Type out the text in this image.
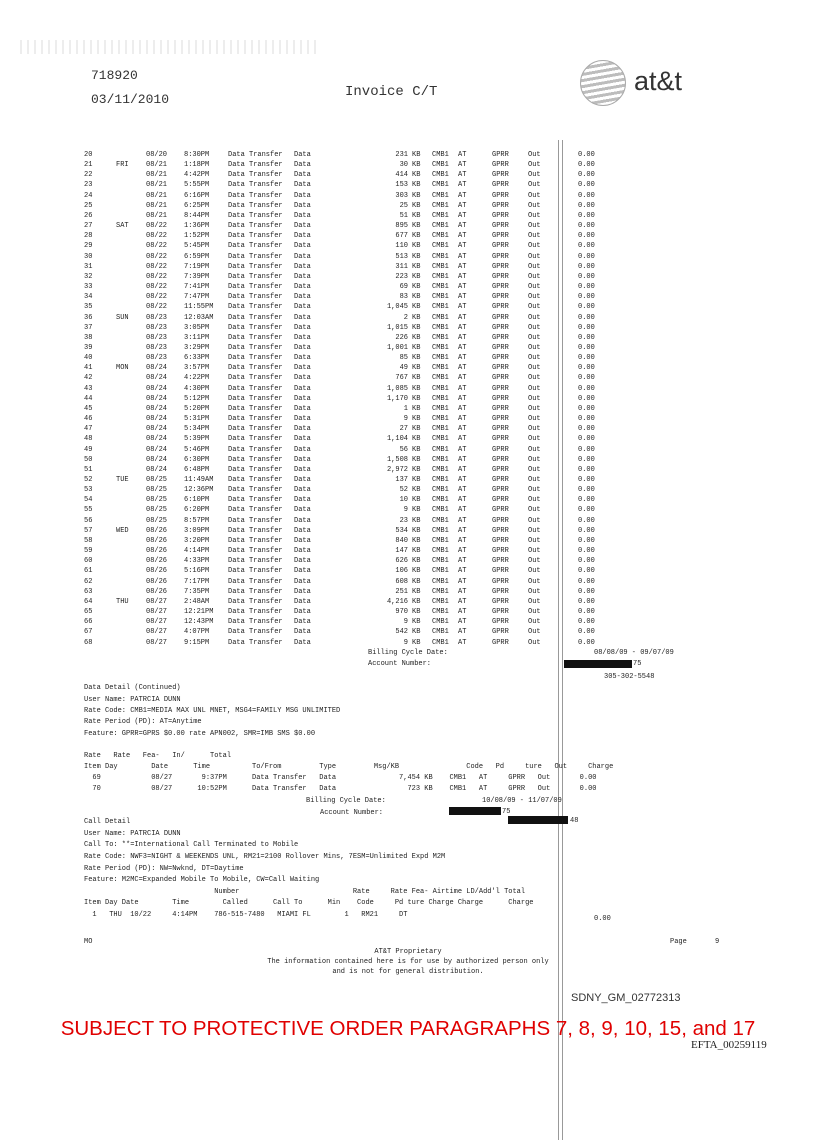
718920
03/11/2010	Invoice C/T

	at&t

20		08/20	8:30PM	Data Transfer	Data	231	KB	CMB1	AT	GPRR	Out	0.00
21	FRI	08/21	1:18PM	Data Transfer	Data	30	KB	CMB1	AT	GPRR	Out	0.00
22		08/21	4:42PM	Data Transfer	Data	414	KB	CMB1	AT	GPRR	Out	0.00
23		08/21	5:55PM	Data Transfer	Data	153	KB	CMB1	AT	GPRR	Out	0.00
24		08/21	6:16PM	Data Transfer	Data	303	KB	CMB1	AT	GPRR	Out	0.00
25		08/21	6:25PM	Data Transfer	Data	25	KB	CMB1	AT	GPRR	Out	0.00
26		08/21	8:44PM	Data Transfer	Data	51	KB	CMB1	AT	GPRR	Out	0.00
27	SAT	08/22	1:36PM	Data Transfer	Data	895	KB	CMB1	AT	GPRR	Out	0.00
28		08/22	1:52PM	Data Transfer	Data	677	KB	CMB1	AT	GPRR	Out	0.00
29		08/22	5:45PM	Data Transfer	Data	110	KB	CMB1	AT	GPRR	Out	0.00
30		08/22	6:59PM	Data Transfer	Data	513	KB	CMB1	AT	GPRR	Out	0.00
31		08/22	7:19PM	Data Transfer	Data	311	KB	CMB1	AT	GPRR	Out	0.00
32		08/22	7:39PM	Data Transfer	Data	223	KB	CMB1	AT	GPRR	Out	0.00
33		08/22	7:41PM	Data Transfer	Data	69	KB	CMB1	AT	GPRR	Out	0.00
34		08/22	7:47PM	Data Transfer	Data	83	KB	CMB1	AT	GPRR	Out	0.00
35		08/22	11:55PM	Data Transfer	Data	1,045	KB	CMB1	AT	GPRR	Out	0.00
36	SUN	08/23	12:03AM	Data Transfer	Data	2	KB	CMB1	AT	GPRR	Out	0.00
37		08/23	3:05PM	Data Transfer	Data	1,015	KB	CMB1	AT	GPRR	Out	0.00
38		08/23	3:11PM	Data Transfer	Data	226	KB	CMB1	AT	GPRR	Out	0.00
39		08/23	3:29PM	Data Transfer	Data	1,001	KB	CMB1	AT	GPRR	Out	0.00
40		08/23	6:33PM	Data Transfer	Data	85	KB	CMB1	AT	GPRR	Out	0.00
41	MON	08/24	3:57PM	Data Transfer	Data	49	KB	CMB1	AT	GPRR	Out	0.00
42		08/24	4:22PM	Data Transfer	Data	767	KB	CMB1	AT	GPRR	Out	0.00
43		08/24	4:30PM	Data Transfer	Data	1,085	KB	CMB1	AT	GPRR	Out	0.00
44		08/24	5:12PM	Data Transfer	Data	1,170	KB	CMB1	AT	GPRR	Out	0.00
45		08/24	5:20PM	Data Transfer	Data	1	KB	CMB1	AT	GPRR	Out	0.00
46		08/24	5:31PM	Data Transfer	Data	9	KB	CMB1	AT	GPRR	Out	0.00
47		08/24	5:34PM	Data Transfer	Data	27	KB	CMB1	AT	GPRR	Out	0.00
48		08/24	5:39PM	Data Transfer	Data	1,104	KB	CMB1	AT	GPRR	Out	0.00
49		08/24	5:46PM	Data Transfer	Data	56	KB	CMB1	AT	GPRR	Out	0.00
50		08/24	6:30PM	Data Transfer	Data	1,508	KB	CMB1	AT	GPRR	Out	0.00
51		08/24	6:48PM	Data Transfer	Data	2,972	KB	CMB1	AT	GPRR	Out	0.00
52	TUE	08/25	11:49AM	Data Transfer	Data	137	KB	CMB1	AT	GPRR	Out	0.00
53		08/25	12:36PM	Data Transfer	Data	52	KB	CMB1	AT	GPRR	Out	0.00
54		08/25	6:10PM	Data Transfer	Data	10	KB	CMB1	AT	GPRR	Out	0.00
55		08/25	6:20PM	Data Transfer	Data	9	KB	CMB1	AT	GPRR	Out	0.00
56		08/25	8:57PM	Data Transfer	Data	23	KB	CMB1	AT	GPRR	Out	0.00
57	WED	08/26	3:09PM	Data Transfer	Data	534	KB	CMB1	AT	GPRR	Out	0.00
58		08/26	3:20PM	Data Transfer	Data	840	KB	CMB1	AT	GPRR	Out	0.00
59		08/26	4:14PM	Data Transfer	Data	147	KB	CMB1	AT	GPRR	Out	0.00
60		08/26	4:33PM	Data Transfer	Data	626	KB	CMB1	AT	GPRR	Out	0.00
61		08/26	5:16PM	Data Transfer	Data	106	KB	CMB1	AT	GPRR	Out	0.00
62		08/26	7:17PM	Data Transfer	Data	608	KB	CMB1	AT	GPRR	Out	0.00
63		08/26	7:35PM	Data Transfer	Data	251	KB	CMB1	AT	GPRR	Out	0.00
64	THU	08/27	2:48AM	Data Transfer	Data	4,216	KB	CMB1	AT	GPRR	Out	0.00
65		08/27	12:21PM	Data Transfer	Data	970	KB	CMB1	AT	GPRR	Out	0.00
66		08/27	12:43PM	Data Transfer	Data	9	KB	CMB1	AT	GPRR	Out	0.00
67		08/27	4:07PM	Data Transfer	Data	542	KB	CMB1	AT	GPRR	Out	0.00
68		08/27	9:15PM	Data Transfer	Data	9	KB	CMB1	AT	GPRR	Out	0.00
Billing Cycle Date:	08/08/09 - 09/07/09
Account Number:	75
305-302-5548
Data Detail (Continued)
User Name: PATRCIA DUNN
Rate Code: CMB1=MEDIA MAX UNL MNET, MSG4=FAMILY MSG UNLIMITED
Rate Period (PD): AT=Anytime
Feature: GPRR=GPRS $0.00 rate APN002, SMR=IMB SMS $0.00
Rate   Rate   Fea-   In/      Total
Item Day        Date      Time          To/From         Type         Msg/KB                Code   Pd     ture   Out     Charge
69            08/27       9:37PM      Data Transfer   Data               7,454 KB    CMB1   AT     GPRR   Out       0.00
70            08/27      10:52PM      Data Transfer   Data                 723 KB    CMB1   AT     GPRR   Out       0.00
Billing Cycle Date:	10/08/09 - 11/07/09
Account Number:	75
48
Call Detail
User Name: PATRCIA DUNN
Call To: **=International Call Terminated to Mobile
Rate Code: NWF3=NIGHT & WEEKENDS UNL, RM21=2100 Rollover Mins, 7ESM=Unlimited Expd M2M
Rate Period (PD): NW=Nwknd, DT=Daytime
Feature: M2MC=Expanded Mobile To Mobile, CW=Call Waiting
Number                           Rate     Rate Fea- Airtime LD/Add'l Total
Item Day Date        Time        Called      Call To      Min    Code     Pd ture Charge Charge      Charge
1   THU  10/22     4:14PM    786-515-7480   MIAMI FL        1   RM21     DT	0.00
MO	Page	9
AT&T Proprietary
The information contained here is for use by authorized person only
and is not for general distribution.
SDNY_GM_02772313
SUBJECT TO PROTECTIVE ORDER PARAGRAPHS 7, 8, 9, 10, 15, and 17
EFTA_00259119
